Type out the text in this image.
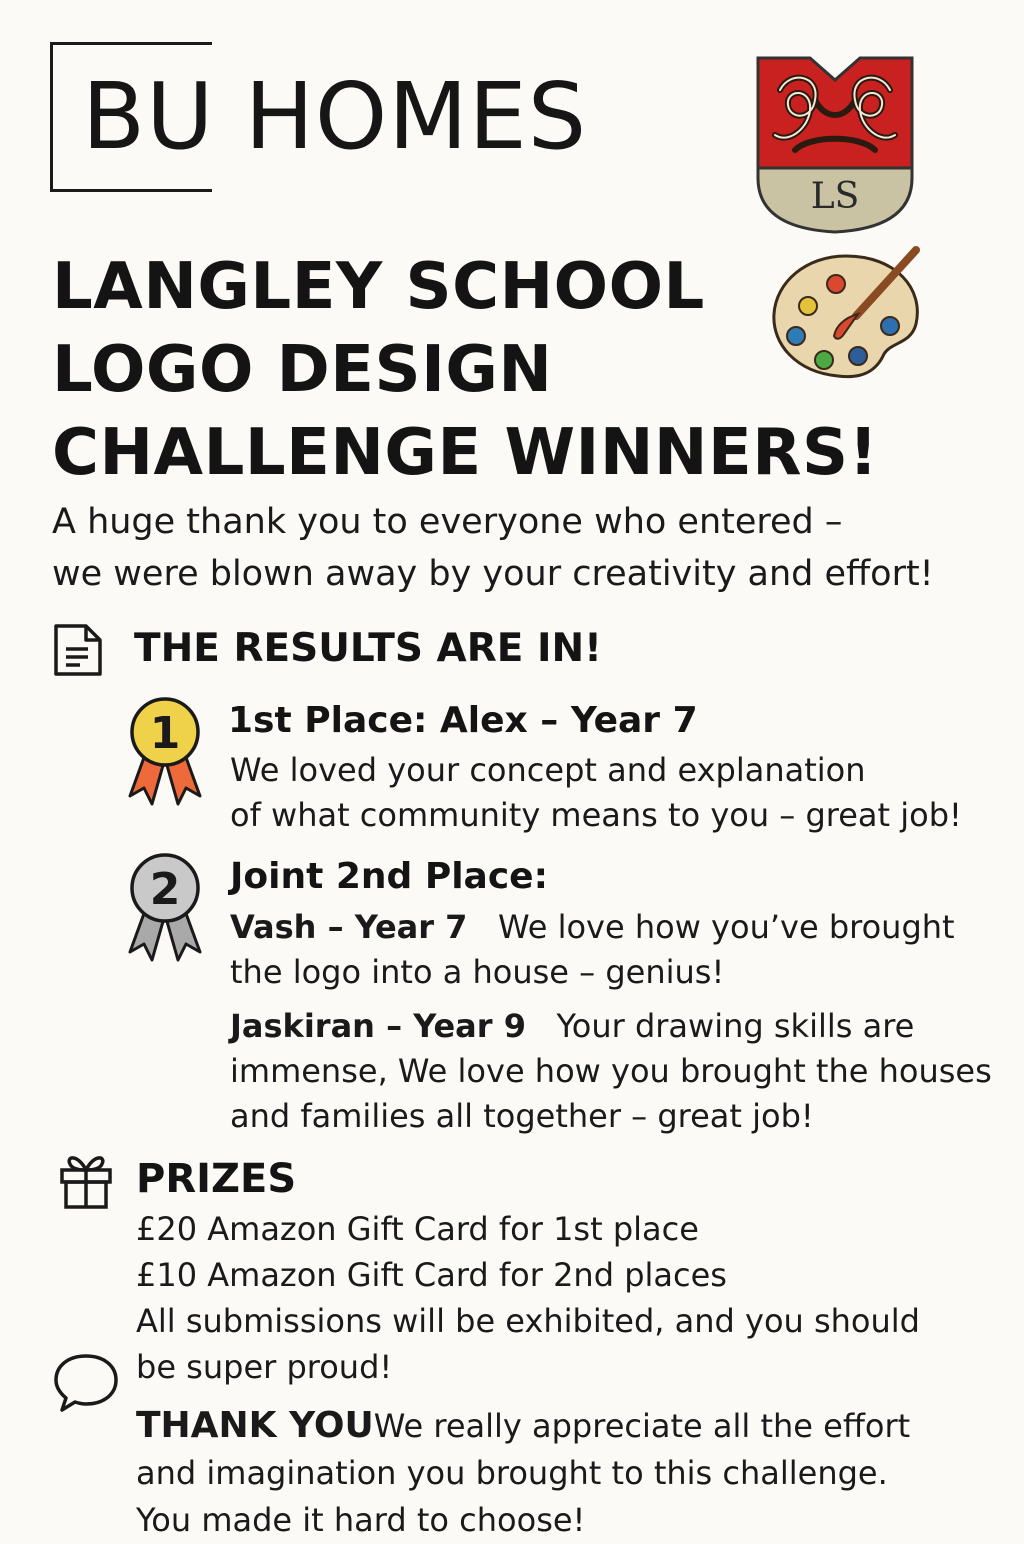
BU HOMES
LS
LANGLEY SCHOOL
LOGO DESIGN
CHALLENGE WINNERS!
A huge thank you to everyone who entered –
we were blown away by your creativity and effort!
THE RESULTS ARE IN!
1 1st Place: Alex – Year 7
We loved your concept and explanation
of what community means to you – great job!
2 Joint 2nd Place:
Vash – Year 7 We love how you’ve brought
the logo into a house – genius!
Jaskiran – Year 9 Your drawing skills are
immense, We love how you brought the houses
and families all together – great job!
PRIZES
£20 Amazon Gift Card for 1st place
£10 Amazon Gift Card for 2nd places
All submissions will be exhibited, and you should
be super proud!
THANK YOUWe really appreciate all the effort
and imagination you brought to this challenge.
You made it hard to choose!
